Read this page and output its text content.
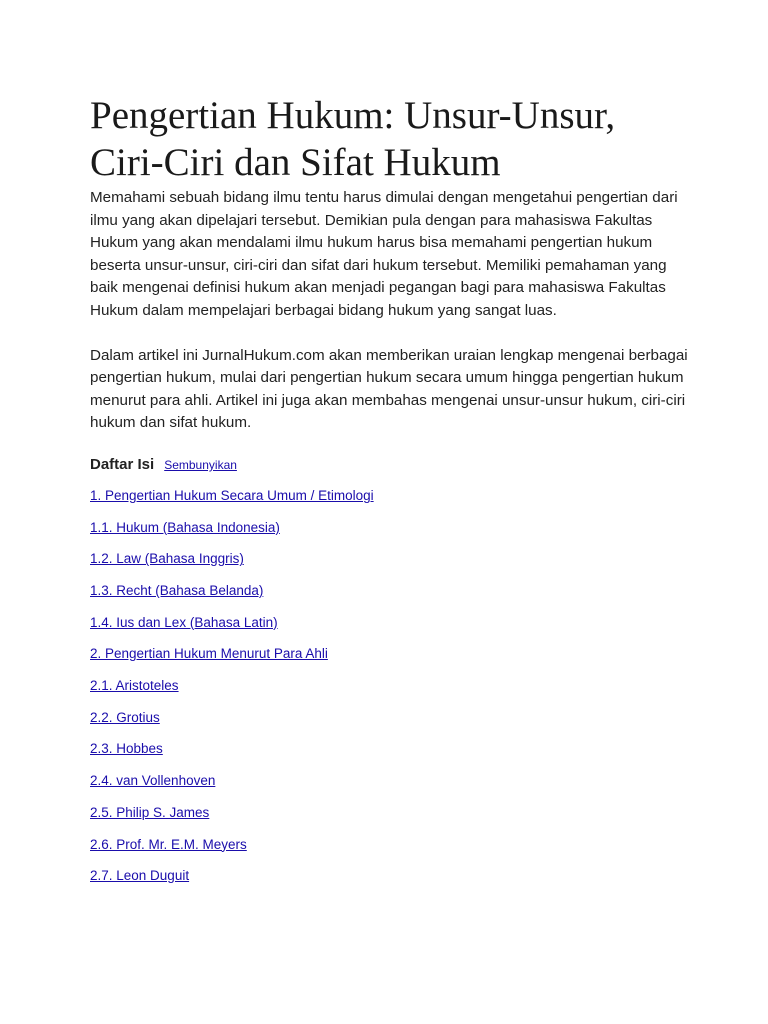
Pengertian Hukum: Unsur-Unsur,
Ciri-Ciri dan Sifat Hukum

Memahami sebuah bidang ilmu tentu harus dimulai dengan mengetahui pengertian dari ilmu yang akan dipelajari tersebut. Demikian pula dengan para mahasiswa Fakultas Hukum yang akan mendalami ilmu hukum harus bisa memahami pengertian hukum beserta unsur-unsur, ciri-ciri dan sifat dari hukum tersebut. Memiliki pemahaman yang baik mengenai definisi hukum akan menjadi pegangan bagi para mahasiswa Fakultas Hukum dalam mempelajari berbagai bidang hukum yang sangat luas.

Dalam artikel ini JurnalHukum.com akan memberikan uraian lengkap mengenai berbagai pengertian hukum, mulai dari pengertian hukum secara umum hingga pengertian hukum menurut para ahli. Artikel ini juga akan membahas mengenai unsur-unsur hukum, ciri-ciri hukum dan sifat hukum.

Daftar Isi Sembunyikan
1. Pengertian Hukum Secara Umum / Etimologi
1.1. Hukum (Bahasa Indonesia)
1.2. Law (Bahasa Inggris)
1.3. Recht (Bahasa Belanda)
1.4. Ius dan Lex (Bahasa Latin)
2. Pengertian Hukum Menurut Para Ahli
2.1. Aristoteles
2.2. Grotius
2.3. Hobbes
2.4. van Vollenhoven
2.5. Philip S. James
2.6. Prof. Mr. E.M. Meyers
2.7. Leon Duguit
